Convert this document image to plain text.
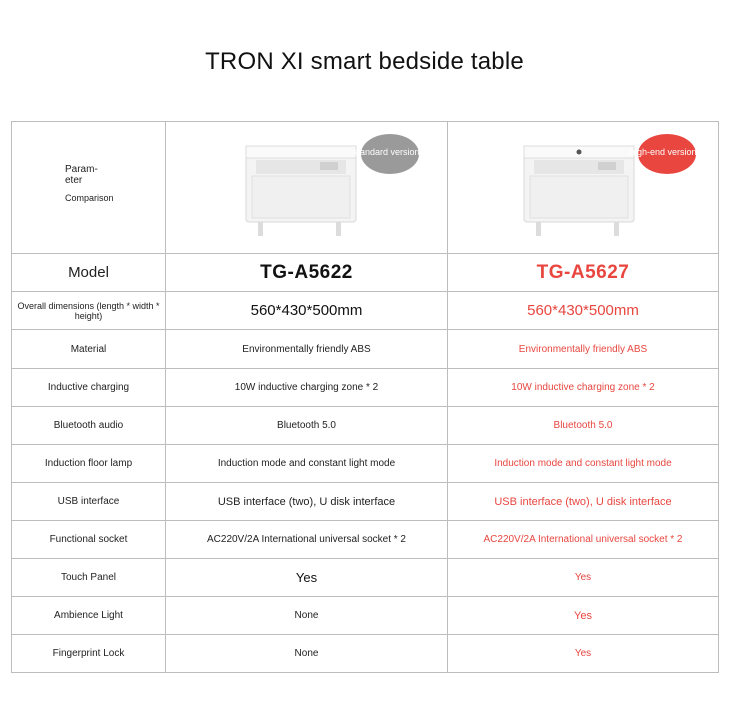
TRON XI smart bedside table
Param-
eter
Comparison	standard version	high-end version

Model	TG-A5622	TG-A5627
Overall dimensions (length * width * height)	560*430*500mm	560*430*500mm
Material	Environmentally friendly ABS	Environmentally friendly ABS
Inductive charging	10W inductive charging zone * 2	10W inductive charging zone * 2
Bluetooth audio	Bluetooth 5.0	Bluetooth 5.0
Induction floor lamp	Induction mode and constant light mode	Induction mode and constant light mode
USB interface	USB interface (two), U disk interface	USB interface (two), U disk interface
Functional socket	AC220V/2A International universal socket * 2	AC220V/2A International universal socket * 2
Touch Panel	Yes	Yes
Ambience Light	None	Yes
Fingerprint Lock	None	Yes
